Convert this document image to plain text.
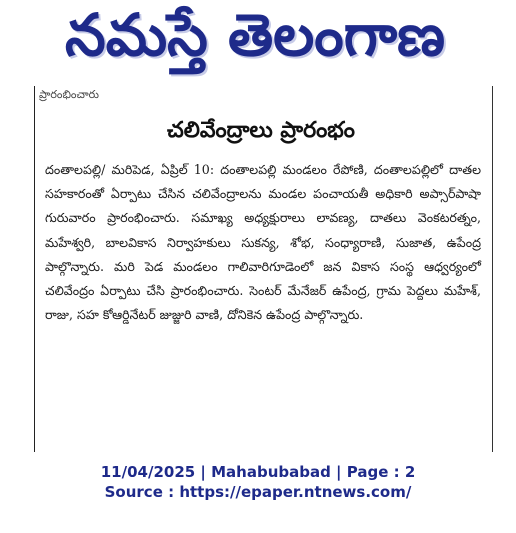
నమస్తే తెలంగాణ
ప్రారంభించారు
చలివేంద్రాలు ప్రారంభం
దంతాలపల్లి/ మరిపెడ, ఏప్రిల్ 10: దంతాలపల్లి మండలం రేపోణి, దంతాలపల్లిలో దాతల సహకారంతో ఏర్పాటు చేసిన చలివేంద్రాలను మండల పంచాయతీ అధికారి అప్సార్‌పాషా గురువారం ప్రారంభించారు. సమాఖ్య అధ్యక్షురాలు లావణ్య, దాతలు వెంకటరత్నం, మహేశ్వరి, బాలవికాస నిర్వాహకులు సుకన్య, శోభ, సంధ్యారాణి, సుజాత, ఉపేంద్ర పాల్గొన్నారు. మరి పెడ మండలం గాలివారిగూడెంలో జన వికాస సంస్థ ఆధ్వర్యంలో చలివేంద్రం ఏర్పాటు చేసి ప్రారంభించారు. సెంటర్ మేనేజర్ ఉపేంద్ర, గ్రామ పెద్దలు మహేశ్, రాజు, సహ కోఆర్డినేటర్ జుజ్జురి వాణి, దోనికెన ఉపేంద్ర పాల్గొన్నారు.
11/04/2025 | Mahabubabad | Page : 2
Source : https://epaper.ntnews.com/
